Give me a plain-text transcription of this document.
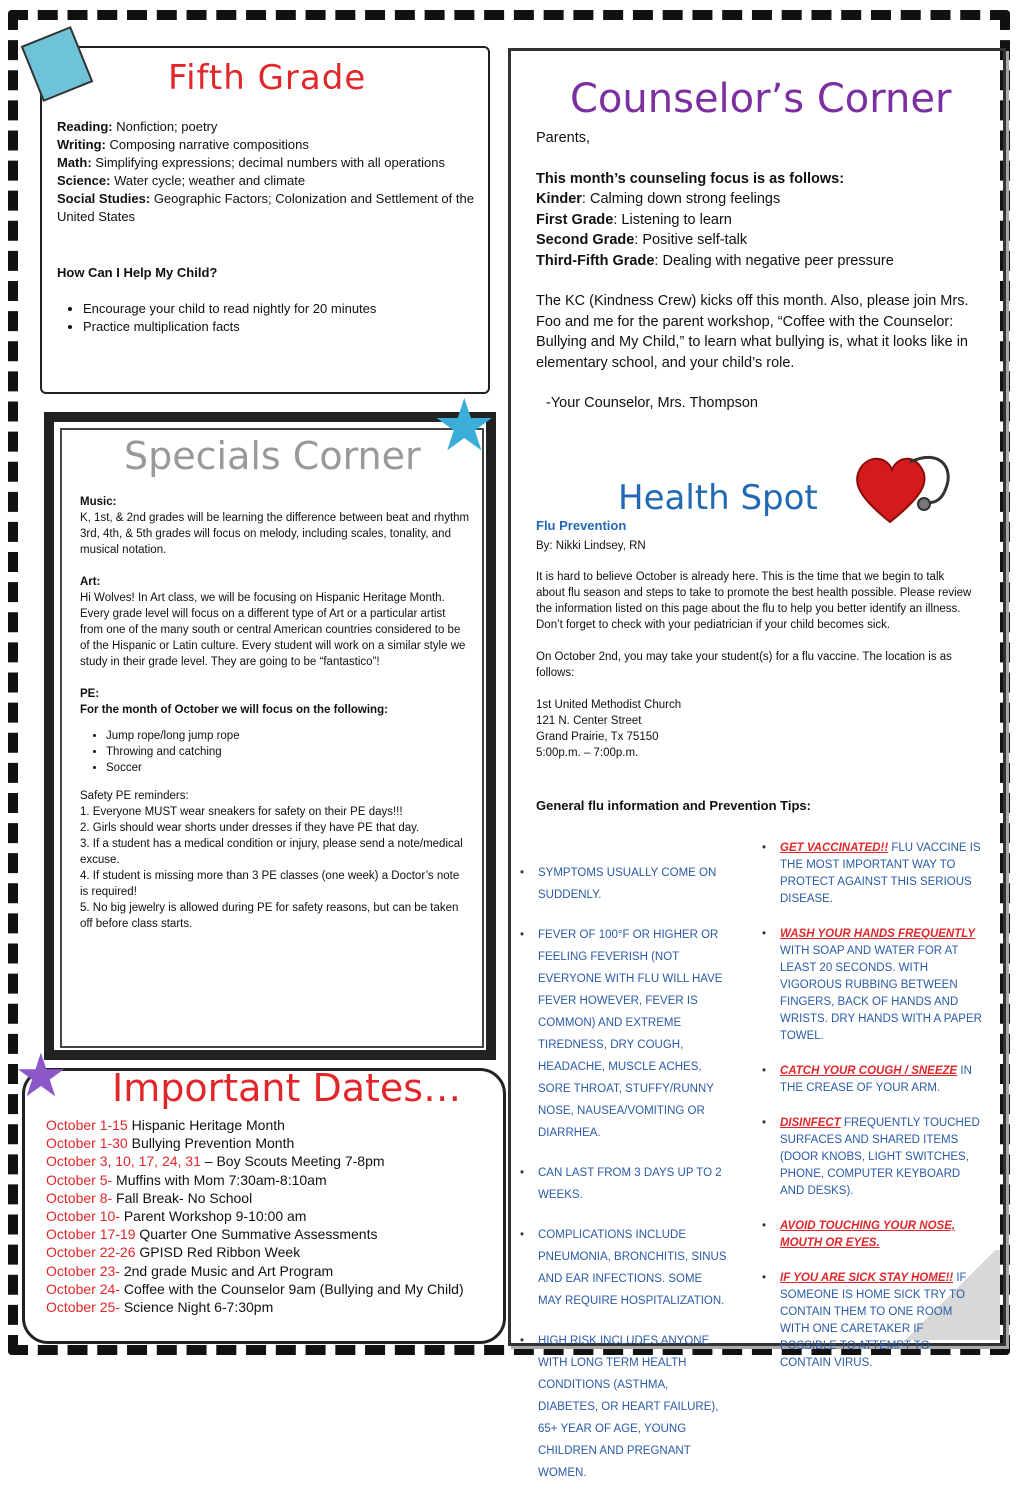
Fifth Grade
Reading: Nonfiction; poetry
Writing: Composing narrative compositions
Math: Simplifying expressions; decimal numbers with all operations
Science: Water cycle; weather and climate
Social Studies: Geographic Factors; Colonization and Settlement of the United States
How Can I Help My Child?
• Encourage your child to read nightly for 20 minutes
• Practice multiplication facts
Counselor’s Corner
Parents,
This month’s counseling focus is as follows:
Kinder: Calming down strong feelings
First Grade: Listening to learn
Second Grade: Positive self-talk
Third-Fifth Grade: Dealing with negative peer pressure
The KC (Kindness Crew) kicks off this month. Also, please join Mrs. Foo and me for the parent workshop, “Coffee with the Counselor: Bullying and My Child,” to learn what bullying is, what it looks like in elementary school, and your child’s role.
-Your Counselor, Mrs. Thompson
Health Spot
Flu Prevention
By: Nikki Lindsey, RN
It is hard to believe October is already here. This is the time that we begin to talk about flu season and steps to take to promote the best health possible. Please review the information listed on this page about the flu to help you better identify an illness. Don’t forget to check with your pediatrician if your child becomes sick.
On October 2nd, you may take your student(s) for a flu vaccine. The location is as follows:
1st United Methodist Church
121 N. Center Street
Grand Prairie, Tx 75150
5:00p.m. – 7:00p.m.
General flu information and Prevention Tips:
• SYMPTOMS USUALLY COME ON SUDDENLY.
• FEVER OF 100°F OR HIGHER OR FEELING FEVERISH (NOT EVERYONE WITH FLU WILL HAVE FEVER HOWEVER, FEVER IS COMMON) AND EXTREME TIREDNESS, DRY COUGH, HEADACHE, MUSCLE ACHES, SORE THROAT, STUFFY/RUNNY NOSE, NAUSEA/VOMITING OR DIARRHEA.
• CAN LAST FROM 3 DAYS UP TO 2 WEEKS.
• COMPLICATIONS INCLUDE PNEUMONIA, BRONCHITIS, SINUS AND EAR INFECTIONS. SOME MAY REQUIRE HOSPITALIZATION.
• HIGH RISK INCLUDES ANYONE WITH LONG TERM HEALTH CONDITIONS (ASTHMA, DIABETES, OR HEART FAILURE), 65+ YEAR OF AGE, YOUNG CHILDREN AND PREGNANT WOMEN.
• GET VACCINATED!! FLU VACCINE IS THE MOST IMPORTANT WAY TO PROTECT AGAINST THIS SERIOUS DISEASE.
• WASH YOUR HANDS FREQUENTLY WITH SOAP AND WATER FOR AT LEAST 20 SECONDS. WITH VIGOROUS RUBBING BETWEEN FINGERS, BACK OF HANDS AND WRISTS. DRY HANDS WITH A PAPER TOWEL.
• CATCH YOUR COUGH / SNEEZE IN THE CREASE OF YOUR ARM.
• DISINFECT FREQUENTLY TOUCHED SURFACES AND SHARED ITEMS (DOOR KNOBS, LIGHT SWITCHES, PHONE, COMPUTER KEYBOARD AND DESKS).
• AVOID TOUCHING YOUR NOSE, MOUTH OR EYES.
• IF YOU ARE SICK STAY HOME!! IF SOMEONE IS HOME SICK TRY TO CONTAIN THEM TO ONE ROOM WITH ONE CARETAKER IF POSSIBLE TO ATTEMPT TO CONTAIN VIRUS.
★
Specials Corner
Music:
K, 1st, & 2nd grades will be learning the difference between beat and rhythm
3rd, 4th, & 5th grades will focus on melody, including scales, tonality, and musical notation.
Art:
Hi Wolves! In Art class, we will be focusing on Hispanic Heritage Month. Every grade level will focus on a different type of Art or a particular artist from one of the many south or central American countries considered to be of the Hispanic or Latin culture. Every student will work on a similar style we study in their grade level. They are going to be “fantastico”!
PE:
For the month of October we will focus on the following:
• Jump rope/long jump rope
• Throwing and catching
• Soccer
Safety PE reminders:
1. Everyone MUST wear sneakers for safety on their PE days!!!
2. Girls should wear shorts under dresses if they have PE that day.
3. If a student has a medical condition or injury, please send a note/medical excuse.
4. If student is missing more than 3 PE classes (one week) a Doctor’s note is required!
5. No big jewelry is allowed during PE for safety reasons, but can be taken off before class starts.
★ Important Dates…
October 1-15 Hispanic Heritage Month
October 1-30 Bullying Prevention Month
October 3, 10, 17, 24, 31 – Boy Scouts Meeting 7-8pm
October 5- Muffins with Mom 7:30am-8:10am
October 8- Fall Break- No School
October 10- Parent Workshop 9-10:00 am
October 17-19 Quarter One Summative Assessments
October 22-26 GPISD Red Ribbon Week
October 23- 2nd grade Music and Art Program
October 24- Coffee with the Counselor 9am (Bullying and My Child)
October 25- Science Night 6-7:30pm
